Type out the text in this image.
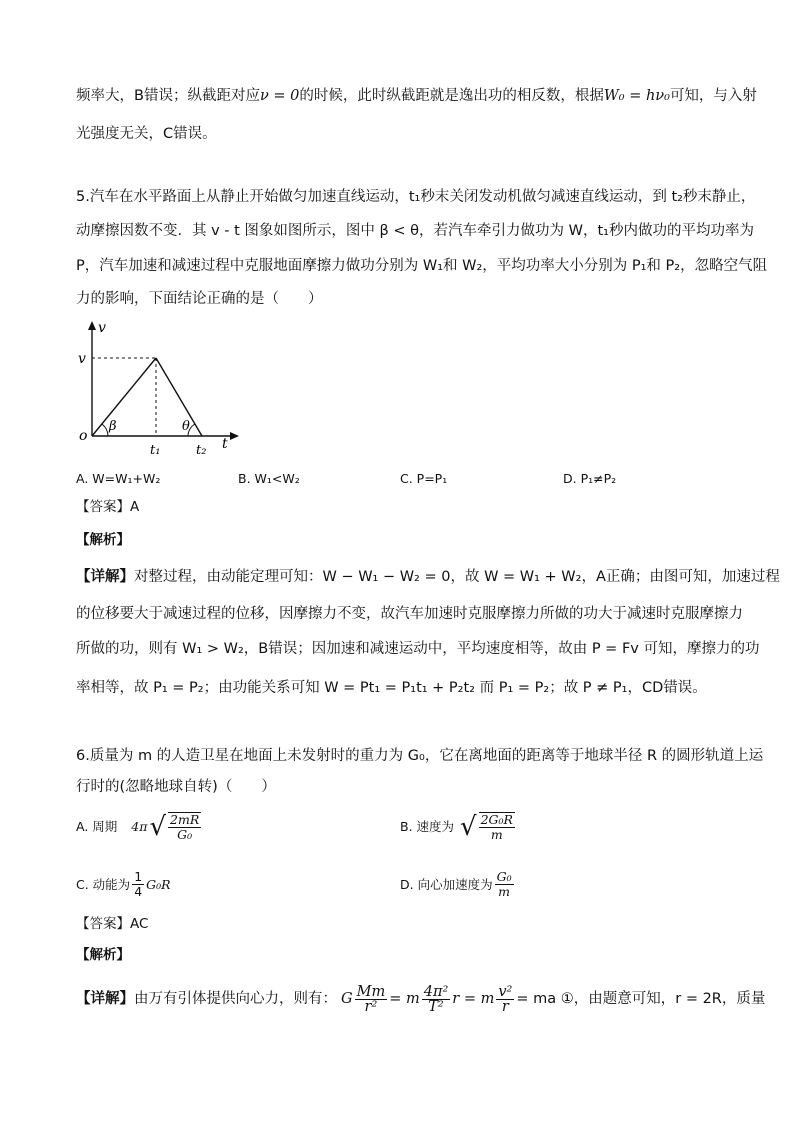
频率大，B错误；纵截距对应ν = 0的时候，此时纵截距就是逸出功的相反数，根据W₀ = hν₀可知，与入射
光强度无关，C错误。
5.汽车在水平路面上从静止开始做匀加速直线运动，t₁秒末关闭发动机做匀减速直线运动，到 t₂秒末静止，
动摩擦因数不变．其 v - t 图象如图所示，图中 β < θ，若汽车牵引力做功为 W，t₁秒内做功的平均功率为
P，汽车加速和减速过程中克服地面摩擦力做功分别为 W₁和 W₂，平均功率大小分别为 P₁和 P₂，忽略空气阻
力的影响，下面结论正确的是（　　）
v
v
o
β	θ
t₁	t₂ t
A. W=W₁+W₂	B. W₁<W₂	C. P=P₁	D. P₁≠P₂
【答案】A
【解析】
【详解】对整过程，由动能定理可知：W − W₁ − W₂ = 0，故 W = W₁ + W₂，A正确；由图可知，加速过程
的位移要大于减速过程的位移，因摩擦力不变，故汽车加速时克服摩擦力所做的功大于减速时克服摩擦力
所做的功，则有 W₁ > W₂，B错误；因加速和减速运动中，平均速度相等，故由 P = Fv 可知，摩擦力的功
率相等，故 P₁ = P₂；由功能关系可知 W = Pt₁ = P₁t₁ + P₂t₂ 而 P₁ = P₂；故 P ≠ P₁，CD错误。
6.质量为 m 的人造卫星在地面上未发射时的重力为 G₀，它在离地面的距离等于地球半径 R 的圆形轨道上运
行时的(忽略地球自转)（　　）
A. 周期 4π √ $\frac{2mR}{\text{G₀}}$	B. 速度为 √ $\frac{\text{2G₀R}}{m}$
C. 动能为 $\frac{1}{4} G_0R$	D. 向心加速度为 $\frac{\text{G₀}}{m}$
【答案】AC
【解析】
【详解】 由万有引体提供向心力，则有： G $\frac{Mm}{\text{r²}} = m \frac{\text{4π²}}{\text{T²}}$ r = m $\frac{\text{v²}}{r}$ = ma ①，由题意可知，r = 2R，质量
